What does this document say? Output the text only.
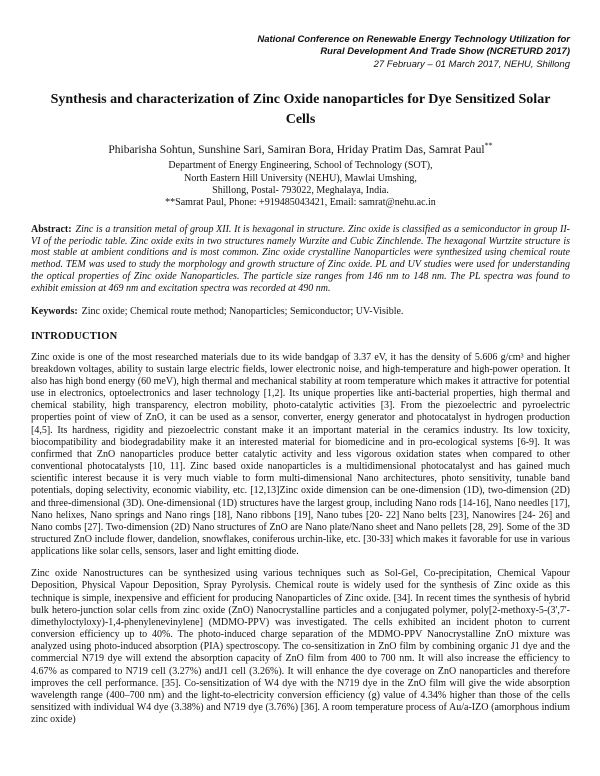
National Conference on Renewable Energy Technology Utilization for
Rural Development And Trade Show (NCRETURD 2017)
27 February – 01 March 2017, NEHU, Shillong
Synthesis and characterization of Zinc Oxide nanoparticles for Dye Sensitized Solar Cells
Phibarisha Sohtun, Sunshine Sari, Samiran Bora, Hriday Pratim Das, Samrat Paul**
Department of Energy Engineering, School of Technology (SOT),
North Eastern Hill University (NEHU), Mawlai Umshing,
Shillong, Postal- 793022, Meghalaya, India.
**Samrat Paul, Phone: +919485043421, Email: samrat@nehu.ac.in

Abstract: Zinc is a transition metal of group XII. It is hexagonal in structure. Zinc oxide is classified as a semiconductor in group II-VI of the periodic table. Zinc oxide exits in two structures namely Wurzite and Cubic Zinchlende. The hexagonal Wurtzite structure is most stable at ambient conditions and is most common. Zinc oxide crystalline Nanoparticles were synthesized using chemical route method. TEM was used to study the morphology and growth structure of Zinc oxide. PL and UV studies were used for understanding the optical properties of Zinc oxide Nanoparticles. The particle size ranges from 146 nm to 148 nm. The PL spectra was found to exhibit emission at 469 nm and excitation spectra was recorded at 490 nm.

Keywords: Zinc oxide; Chemical route method; Nanoparticles; Semiconductor; UV-Visible.

INTRODUCTION

Zinc oxide is one of the most researched materials due to its wide bandgap of 3.37 eV, it has the density of 5.606 g/cm³ and higher breakdown voltages, ability to sustain large electric fields, lower electronic noise, and high-temperature and high-power operation. It also has high bond energy (60 meV), high thermal and mechanical stability at room temperature which makes it attractive for potential use in electronics, optoelectronics and laser technology [1,2]. Its unique properties like anti-bacterial properties, high thermal and chemical stability, high transparency, electron mobility, photo-catalytic activities [3]. From the piezoelectric and pyroelectric properties point of view of ZnO, it can be used as a sensor, converter, energy generator and photocatalyst in hydrogen production [4,5]. Its hardness, rigidity and piezoelectric constant make it an important material in the ceramics industry. Its low toxicity, biocompatibility and biodegradability make it an interested material for biomedicine and in pro-ecological systems [6-9]. It was confirmed that ZnO nanoparticles produce better catalytic activity and less vigorous oxidation states when compared to other conventional photocatalysts [10, 11]. Zinc based oxide nanoparticles is a multidimensional photocatalyst and has gained much scientific interest because it is very much viable to form multi-dimensional Nano architectures, photo sensitivity, tunable band potentials, doping selectivity, economic viability, etc. [12,13]Zinc oxide dimension can be one-dimension (1D), two-dimension (2D) and three-dimensional (3D). One-dimensional (1D) structures have the largest group, including Nano rods [14-16], Nano needles [17], Nano helixes, Nano springs and Nano rings [18], Nano ribbons [19], Nano tubes [20- 22] Nano belts [23], Nanowires [24- 26] and Nano combs [27]. Two-dimension (2D) Nano structures of ZnO are Nano plate/Nano sheet and Nano pellets [28, 29]. Some of the 3D structured ZnO include flower, dandelion, snowflakes, coniferous urchin-like, etc. [30-33] which makes it favorable for use in various applications like solar cells, sensors, laser and light emitting diode.

Zinc oxide Nanostructures can be synthesized using various techniques such as Sol-Gel, Co-precipitation, Chemical Vapour Deposition, Physical Vapour Deposition, Spray Pyrolysis. Chemical route is widely used for the synthesis of Zinc oxide as this technique is simple, inexpensive and efficient for producing Nanoparticles of Zinc oxide. [34]. In recent times the synthesis of hybrid bulk hetero-junction solar cells from zinc oxide (ZnO) Nanocrystalline particles and a conjugated polymer, poly[2-methoxy-5-(3',7'-dimethyloctyloxy)-1,4-phenylenevinylene] (MDMO-PPV) was investigated. The cells exhibited an incident photon to current conversion efficiency up to 40%. The photo-induced charge separation of the MDMO-PPV Nanocrystalline ZnO mixture was analyzed using photo-induced absorption (PIA) spectroscopy. The co-sensitization in ZnO film by combining organic J1 dye and the commercial N719 dye will extend the absorption capacity of ZnO film from 400 to 700 nm. It will also increase the efficiency to 4.67% as compared to N719 cell (3.27%) andJ1 cell (3.26%). It will enhance the dye coverage on ZnO nanoparticles and therefore improves the cell performance. [35]. Co-sensitization of W4 dye with the N719 dye in the ZnO film will give the wide absorption wavelength range (400–700 nm) and the light-to-electricity conversion efficiency (g) value of 4.34% higher than those of the cells sensitized with individual W4 dye (3.38%) and N719 dye (3.76%) [36]. A room temperature process of Au/a-IZO (amorphous indium zinc oxide)
